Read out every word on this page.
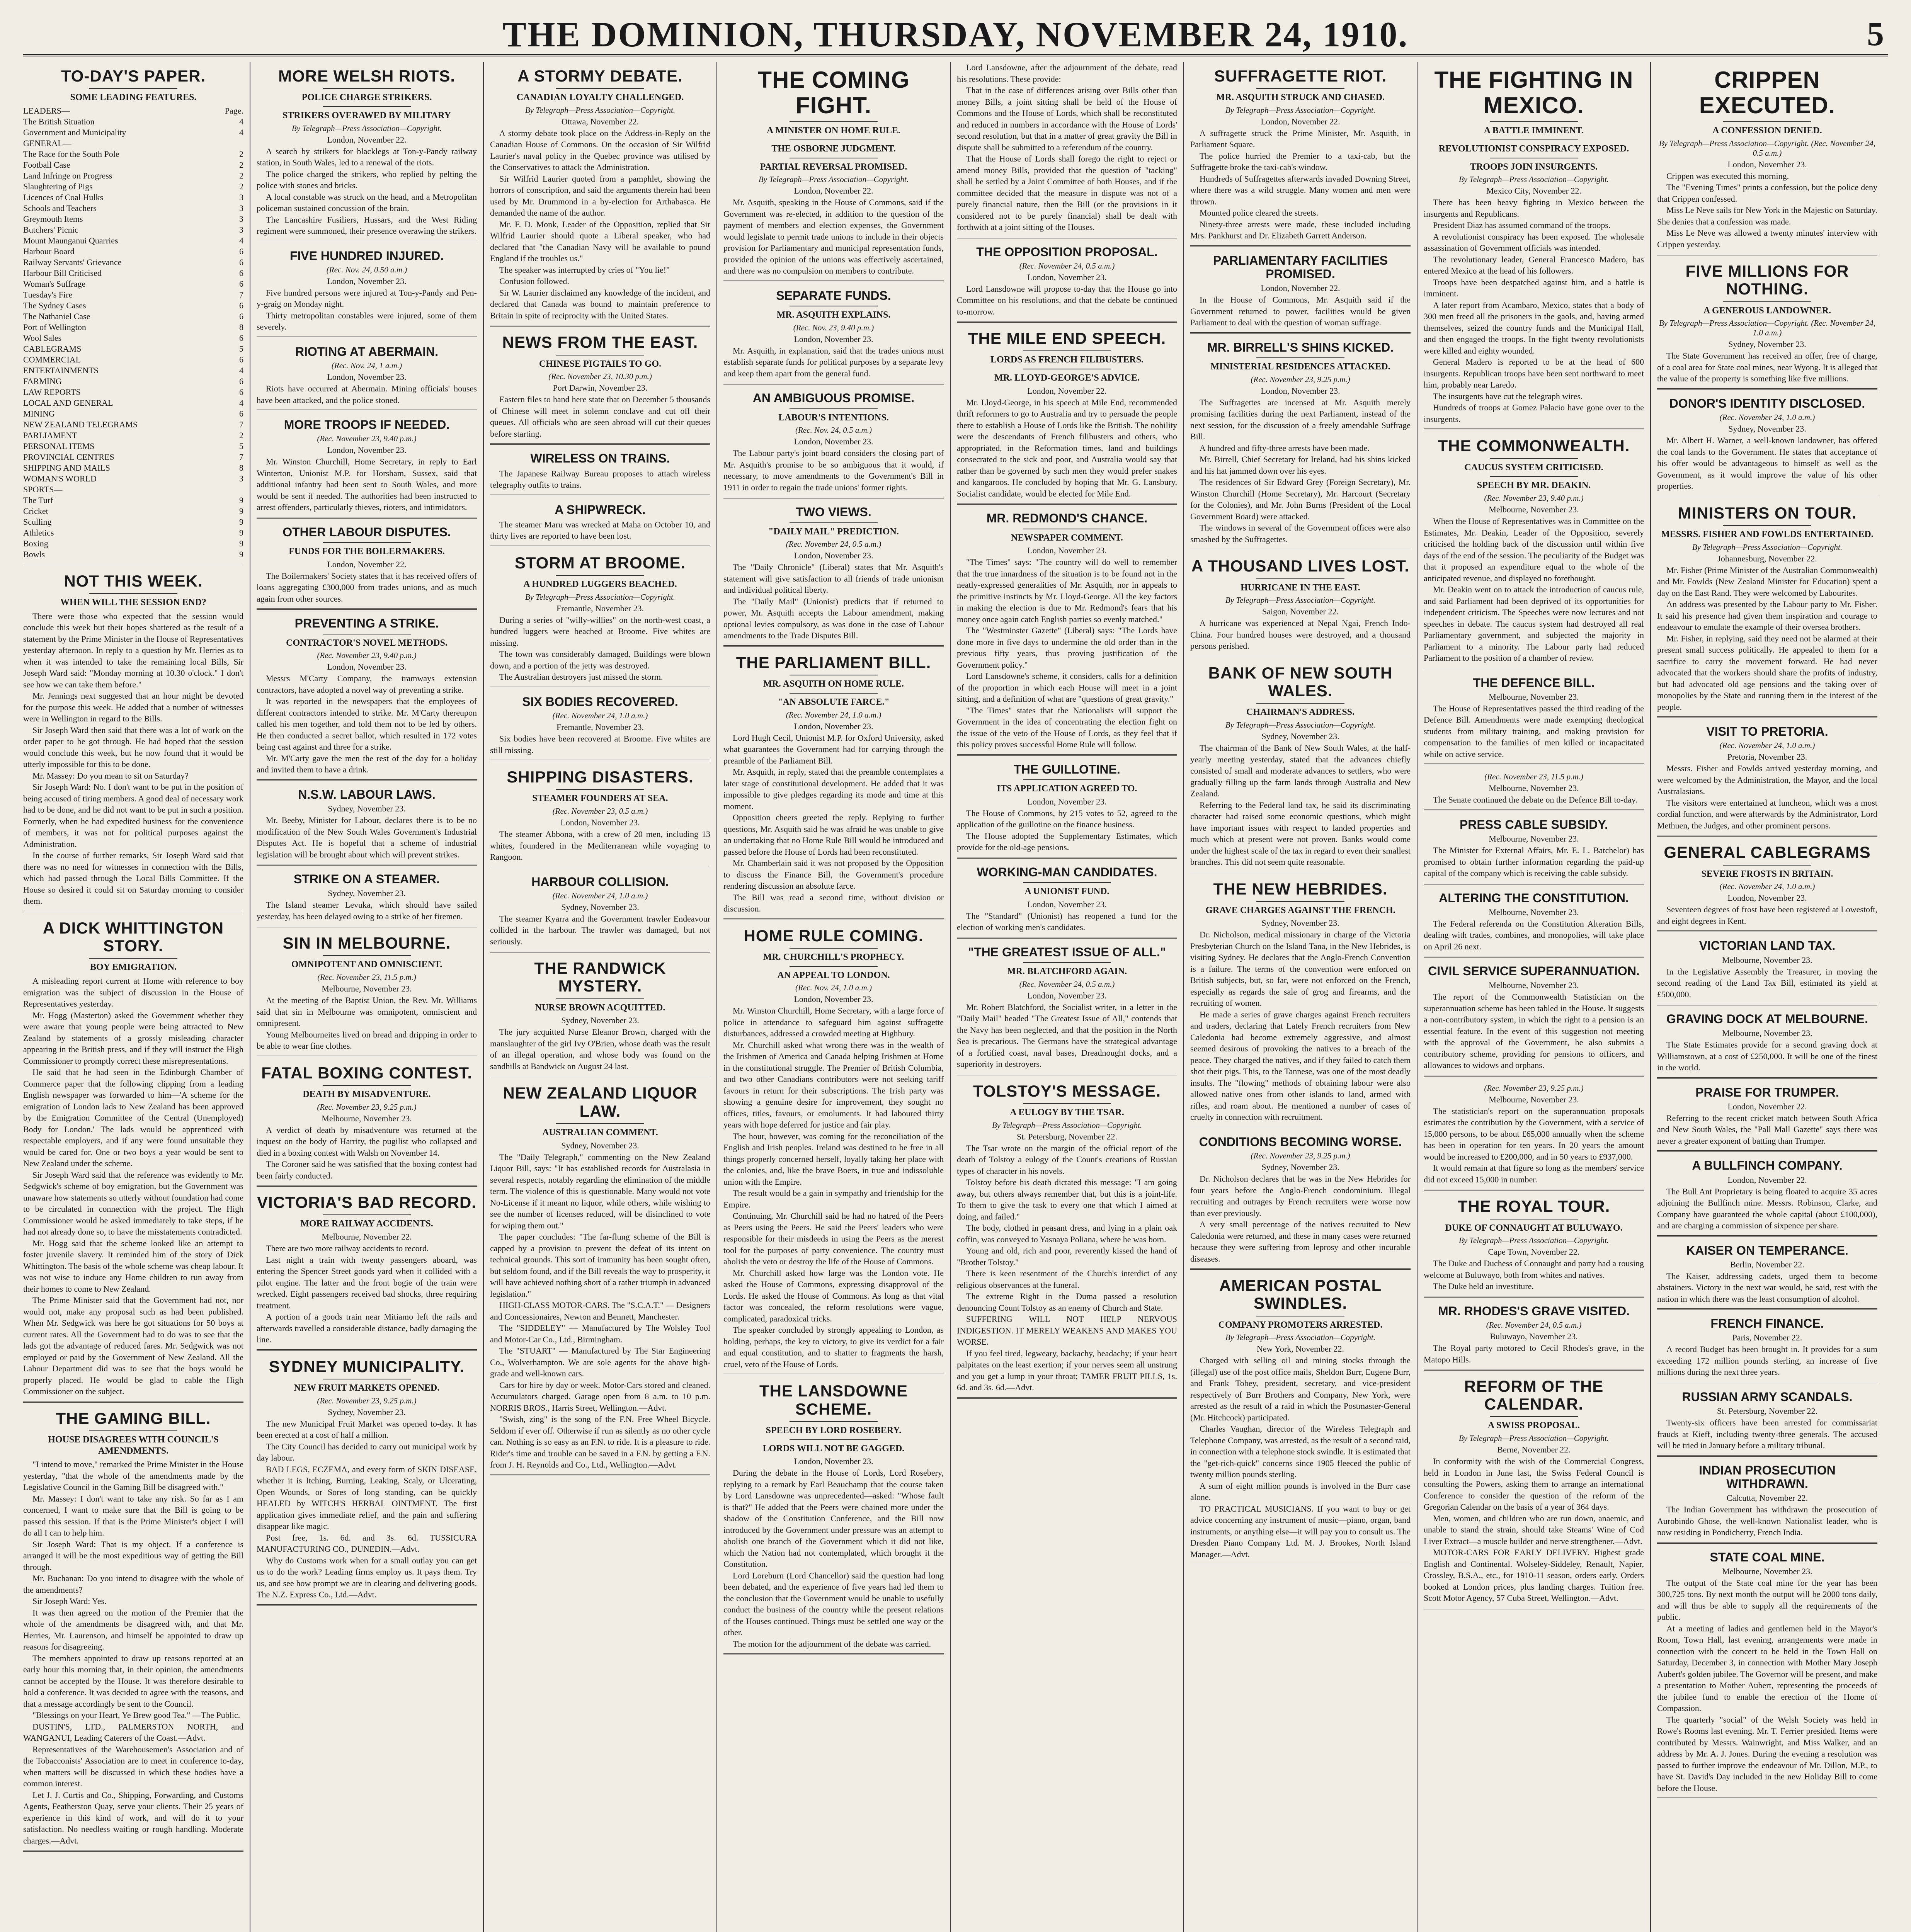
THE DOMINION, THURSDAY, NOVEMBER 24, 1910.	5
TO-DAY'S PAPER.
SOME LEADING FEATURES.
LEADERS—	Page.
The British Situation	4
Government and Municipality	4
GENERAL—
The Race for the South Pole	2
Football Case	2
Land Infringe on Progress	2
Slaughtering of Pigs	2
Licences of Coal Hulks	3
Schools and Teachers	3
Greymouth Items	3
Butchers' Picnic	3
Mount Maunganui Quarries	4
Harbour Board	6
Railway Servants' Grievance	6
Harbour Bill Criticised	6
Woman's Suffrage	6
Tuesday's Fire	7
The Sydney Cases	6
The Nathaniel Case	6
Port of Wellington	8
Wool Sales	6
CABLEGRAMS	5
COMMERCIAL	6
ENTERTAINMENTS	4
FARMING	6
LAW REPORTS	6
LOCAL AND GENERAL	4
MINING	6
NEW ZEALAND TELEGRAMS	7
PARLIAMENT	2
PERSONAL ITEMS	5
PROVINCIAL CENTRES	7
SHIPPING AND MAILS	8
WOMAN'S WORLD	3
SPORTS—
The Turf	9
Cricket	9
Sculling	9
Athletics	9
Boxing	9
Bowls	9
NOT THIS WEEK.
WHEN WILL THE SESSION END?

There were those who expected that the session would conclude this week but their hopes shattered as the result of a statement by the Prime Minister in the House of Representatives yesterday afternoon. In reply to a question by Mr. Herries as to when it was intended to take the remaining local Bills, Sir Joseph Ward said: "Monday morning at 10.30 o'clock." I don't see how we can take them before."

Mr. Jennings next suggested that an hour might be devoted for the purpose this week. He added that a number of witnesses were in Wellington in regard to the Bills.

Sir Joseph Ward then said that there was a lot of work on the order paper to be got through. He had hoped that the session would conclude this week, but he now found that it would be utterly impossible for this to be done.

Mr. Massey: Do you mean to sit on Saturday?

Sir Joseph Ward: No. I don't want to be put in the position of being accused of tiring members. A good deal of necessary work had to be done, and he did not want to be put in such a position. Formerly, when he had expedited business for the convenience of members, it was not for political purposes against the Administration.

In the course of further remarks, Sir Joseph Ward said that there was no need for witnesses in connection with the Bills, which had passed through the Local Bills Committee. If the House so desired it could sit on Saturday morning to consider them.

A DICK WHITTINGTON STORY.
BOY EMIGRATION.

A misleading report current at Home with reference to boy emigration was the subject of discussion in the House of Representatives yesterday.

Mr. Hogg (Masterton) asked the Government whether they were aware that young people were being attracted to New Zealand by statements of a grossly misleading character appearing in the British press, and if they will instruct the High Commissioner to promptly correct these misrepresentations.

He said that he had seen in the Edinburgh Chamber of Commerce paper that the following clipping from a leading English newspaper was forwarded to him—'A scheme for the emigration of London lads to New Zealand has been approved by the Emigration Committee of the Central (Unemployed) Body for London.' The lads would be apprenticed with respectable employers, and if any were found unsuitable they would be cared for. One or two boys a year would be sent to New Zealand under the scheme.

Sir Joseph Ward said that the reference was evidently to Mr. Sedgwick's scheme of boy emigration, but the Government was unaware how statements so utterly without foundation had come to be circulated in connection with the project. The High Commissioner would be asked immediately to take steps, if he had not already done so, to have the misstatements contradicted.

Mr. Hogg said that the scheme looked like an attempt to foster juvenile slavery. It reminded him of the story of Dick Whittington. The basis of the whole scheme was cheap labour. It was not wise to induce any Home children to run away from their homes to come to New Zealand.

The Prime Minister said that the Government had not, nor would not, make any proposal such as had been published. When Mr. Sedgwick was here he got situations for 50 boys at current rates. All the Government had to do was to see that the lads got the advantage of reduced fares. Mr. Sedgwick was not employed or paid by the Government of New Zealand. All the Labour Department did was to see that the boys would be properly placed. He would be glad to cable the High Commissioner on the subject.

THE GAMING BILL.
HOUSE DISAGREES WITH COUNCIL'S AMENDMENTS.

"I intend to move," remarked the Prime Minister in the House yesterday, "that the whole of the amendments made by the Legislative Council in the Gaming Bill be disagreed with."

Mr. Massey: I don't want to take any risk. So far as I am concerned, I want to make sure that the Bill is going to be passed this session. If that is the Prime Minister's object I will do all I can to help him.

Sir Joseph Ward: That is my object. If a conference is arranged it will be the most expeditious way of getting the Bill through.

Mr. Buchanan: Do you intend to disagree with the whole of the amendments?

Sir Joseph Ward: Yes.

It was then agreed on the motion of the Premier that the whole of the amendments be disagreed with, and that Mr. Herries, Mr. Laurenson, and himself be appointed to draw up reasons for disagreeing.

The members appointed to draw up reasons reported at an early hour this morning that, in their opinion, the amendments cannot be accepted by the House. It was therefore desirable to hold a conference. It was decided to agree with the reasons, and that a message accordingly be sent to the Council.

"Blessings on your Heart, Ye Brew good Tea." —The Public.

DUSTIN'S, LTD., PALMERSTON NORTH, and WANGANUI, Leading Caterers of the Coast.—Advt.

Representatives of the Warehousemen's Association and of the Tobacconists' Association are to meet in conference to-day, when matters will be discussed in which these bodies have a common interest.

Let J. J. Curtis and Co., Shipping, Forwarding, and Customs Agents, Featherston Quay, serve your clients. Their 25 years of experience in this kind of work, and will do it to your satisfaction. No needless waiting or rough handling. Moderate charges.—Advt.

MORE WELSH RIOTS.
POLICE CHARGE STRIKERS.
STRIKERS OVERAWED BY MILITARY
By Telegraph—Press Association—Copyright.
London, November 22.

A search by strikers for blacklegs at Ton-y-Pandy railway station, in South Wales, led to a renewal of the riots.

The police charged the strikers, who replied by pelting the police with stones and bricks.

A local constable was struck on the head, and a Metropolitan policeman sustained concussion of the brain.

The Lancashire Fusiliers, Hussars, and the West Riding regiment were summoned, their presence overawing the strikers.

FIVE HUNDRED INJURED.
(Rec. Nov. 24, 0.50 a.m.)
London, November 23.

Five hundred persons were injured at Ton-y-Pandy and Pen-y-graig on Monday night.

Thirty metropolitan constables were injured, some of them severely.

RIOTING AT ABERMAIN.
(Rec. Nov. 24, 1 a.m.)
London, November 23.

Riots have occurred at Abermain. Mining officials' houses have been attacked, and the police stoned.

MORE TROOPS IF NEEDED.
(Rec. November 23, 9.40 p.m.)
London, November 23.

Mr. Winston Churchill, Home Secretary, in reply to Earl Winterton, Unionist M.P. for Horsham, Sussex, said that additional infantry had been sent to South Wales, and more would be sent if needed. The authorities had been instructed to arrest offenders, particularly thieves, rioters, and intimidators.

OTHER LABOUR DISPUTES.
FUNDS FOR THE BOILERMAKERS.
London, November 22.

The Boilermakers' Society states that it has received offers of loans aggregating £300,000 from trades unions, and as much again from other sources.

PREVENTING A STRIKE.
CONTRACTOR'S NOVEL METHODS.
(Rec. November 23, 9.40 p.m.)
London, November 23.

Messrs M'Carty Company, the tramways extension contractors, have adopted a novel way of preventing a strike.

It was reported in the newspapers that the employees of different contractors intended to strike. Mr. M'Carty thereupon called his men together, and told them not to be led by others. He then conducted a secret ballot, which resulted in 172 votes being cast against and three for a strike.

Mr. M'Carty gave the men the rest of the day for a holiday and invited them to have a drink.

N.S.W. LABOUR LAWS.
Sydney, November 23.

Mr. Beeby, Minister for Labour, declares there is to be no modification of the New South Wales Government's Industrial Disputes Act. He is hopeful that a scheme of industrial legislation will be brought about which will prevent strikes.

STRIKE ON A STEAMER.
Sydney, November 23.

The Island steamer Levuka, which should have sailed yesterday, has been delayed owing to a strike of her firemen.

SIN IN MELBOURNE.
OMNIPOTENT AND OMNISCIENT.
(Rec. November 23, 11.5 p.m.)
Melbourne, November 23.

At the meeting of the Baptist Union, the Rev. Mr. Williams said that sin in Melbourne was omnipotent, omniscient and omnipresent.

Young Melbourneites lived on bread and dripping in order to be able to wear fine clothes.

FATAL BOXING CONTEST.
DEATH BY MISADVENTURE.
(Rec. November 23, 9.25 p.m.)
Melbourne, November 23.

A verdict of death by misadventure was returned at the inquest on the body of Harrity, the pugilist who collapsed and died in a boxing contest with Walsh on November 14.

The Coroner said he was satisfied that the boxing contest had been fairly conducted.

VICTORIA'S BAD RECORD.
MORE RAILWAY ACCIDENTS.
Melbourne, November 22.

There are two more railway accidents to record.

Last night a train with twenty passengers aboard, was entering the Spencer Street goods yard when it collided with a pilot engine. The latter and the front bogie of the train were wrecked. Eight passengers received bad shocks, three requiring treatment.

A portion of a goods train near Mitiamo left the rails and afterwards travelled a considerable distance, badly damaging the line.

SYDNEY MUNICIPALITY.
NEW FRUIT MARKETS OPENED.
(Rec. November 23, 9.25 p.m.)
Sydney, November 23.

The new Municipal Fruit Market was opened to-day. It has been erected at a cost of half a million.

The City Council has decided to carry out municipal work by day labour.

BAD LEGS, ECZEMA, and every form of SKIN DISEASE, whether it is Itching, Burning, Leaking, Scaly, or Ulcerating, Open Wounds, or Sores of long standing, can be quickly HEALED by WITCH'S HERBAL OINTMENT. The first application gives immediate relief, and the pain and suffering disappear like magic.

Post free, 1s. 6d. and 3s. 6d. TUSSICURA MANUFACTURING CO., DUNEDIN.—Advt.

Why do Customs work when for a small outlay you can get us to do the work? Leading firms employ us. It pays them. Try us, and see how prompt we are in clearing and delivering goods. The N.Z. Express Co., Ltd.—Advt.

A STORMY DEBATE.
CANADIAN LOYALTY CHALLENGED.
By Telegraph—Press Association—Copyright.
Ottawa, November 22.

A stormy debate took place on the Address-in-Reply on the Canadian House of Commons. On the occasion of Sir Wilfrid Laurier's naval policy in the Quebec province was utilised by the Conservatives to attack the Administration.

Sir Wilfrid Laurier quoted from a pamphlet, showing the horrors of conscription, and said the arguments therein had been used by Mr. Drummond in a by-election for Arthabasca. He demanded the name of the author.

Mr. F. D. Monk, Leader of the Opposition, replied that Sir Wilfrid Laurier should quote a Liberal speaker, who had declared that "the Canadian Navy will be available to pound England if the troubles us."

The speaker was interrupted by cries of "You lie!"

Confusion followed.

Sir W. Laurier disclaimed any knowledge of the incident, and declared that Canada was bound to maintain preference to Britain in spite of reciprocity with the United States.

NEWS FROM THE EAST.
CHINESE PIGTAILS TO GO.
(Rec. November 23, 10.30 p.m.)
Port Darwin, November 23.

Eastern files to hand here state that on December 5 thousands of Chinese will meet in solemn conclave and cut off their queues. All officials who are seen abroad will cut their queues before starting.

WIRELESS ON TRAINS.

The Japanese Railway Bureau proposes to attach wireless telegraphy outfits to trains.

A SHIPWRECK.

The steamer Maru was wrecked at Maha on October 10, and thirty lives are reported to have been lost.

STORM AT BROOME.
A HUNDRED LUGGERS BEACHED.
By Telegraph—Press Association—Copyright.
Fremantle, November 23.

During a series of "willy-willies" on the north-west coast, a hundred luggers were beached at Broome. Five whites are missing.

The town was considerably damaged. Buildings were blown down, and a portion of the jetty was destroyed.

The Australian destroyers just missed the storm.

SIX BODIES RECOVERED.
(Rec. November 24, 1.0 a.m.)
Fremantle, November 23.

Six bodies have been recovered at Broome. Five whites are still missing.

SHIPPING DISASTERS.
STEAMER FOUNDERS AT SEA.
(Rec. November 23, 0.5 a.m.)
London, November 23.

The steamer Abbona, with a crew of 20 men, including 13 whites, foundered in the Mediterranean while voyaging to Rangoon.

HARBOUR COLLISION.
(Rec. November 24, 1.0 a.m.)
Sydney, November 23.

The steamer Kyarra and the Government trawler Endeavour collided in the harbour. The trawler was damaged, but not seriously.

THE RANDWICK MYSTERY.
NURSE BROWN ACQUITTED.
Sydney, November 23.

The jury acquitted Nurse Eleanor Brown, charged with the manslaughter of the girl Ivy O'Brien, whose death was the result of an illegal operation, and whose body was found on the sandhills at Bandwick on August 24 last.

NEW ZEALAND LIQUOR LAW.
AUSTRALIAN COMMENT.
Sydney, November 23.

The "Daily Telegraph," commenting on the New Zealand Liquor Bill, says: "It has established records for Australasia in several respects, notably regarding the elimination of the middle term. The violence of this is questionable. Many would not vote No-License if it meant no liquor, while others, while wishing to see the number of licenses reduced, will be disinclined to vote for wiping them out."

The paper concludes: "The far-flung scheme of the Bill is capped by a provision to prevent the defeat of its intent on technical grounds. This sort of immunity has been sought often, but seldom found, and if the Bill reveals the way to prosperity, it will have achieved nothing short of a rather triumph in advanced legislation."

HIGH-CLASS MOTOR-CARS. The "S.C.A.T." — Designers and Concessionaires, Newton and Bennett, Manchester.

The "SIDDELEY" — Manufactured by The Wolsley Tool and Motor-Car Co., Ltd., Birmingham.

The "STUART" — Manufactured by The Star Engineering Co., Wolverhampton. We are sole agents for the above high-grade and well-known cars.

Cars for hire by day or week. Motor-Cars stored and cleaned. Accumulators charged. Garage open from 8 a.m. to 10 p.m. NORRIS BROS., Harris Street, Wellington.—Advt.

"Swish, zing" is the song of the F.N. Free Wheel Bicycle. Seldom if ever off. Otherwise if run as silently as no other cycle can. Nothing is so easy as an F.N. to ride. It is a pleasure to ride. Rider's time and trouble can be saved in a F.N. by getting a F.N. from J. H. Reynolds and Co., Ltd., Wellington.—Advt.

THE COMING FIGHT.
A MINISTER ON HOME RULE.
THE OSBORNE JUDGMENT.
PARTIAL REVERSAL PROMISED.
By Telegraph—Press Association—Copyright.
London, November 22.

Mr. Asquith, speaking in the House of Commons, said if the Government was re-elected, in addition to the question of the payment of members and election expenses, the Government would legislate to permit trade unions to include in their objects provision for Parliamentary and municipal representation funds, provided the opinion of the unions was effectively ascertained, and there was no compulsion on members to contribute.

SEPARATE FUNDS.
MR. ASQUITH EXPLAINS.
(Rec. Nov. 23, 9.40 p.m.)
London, November 23.

Mr. Asquith, in explanation, said that the trades unions must establish separate funds for political purposes by a separate levy and keep them apart from the general fund.

AN AMBIGUOUS PROMISE.
LABOUR'S INTENTIONS.
(Rec. Nov. 24, 0.5 a.m.)
London, November 23.

The Labour party's joint board considers the closing part of Mr. Asquith's promise to be so ambiguous that it would, if necessary, to move amendments to the Government's Bill in 1911 in order to regain the trade unions' former rights.

TWO VIEWS.
"DAILY MAIL" PREDICTION.
(Rec. November 24, 0.5 a.m.)
London, November 23.

The "Daily Chronicle" (Liberal) states that Mr. Asquith's statement will give satisfaction to all friends of trade unionism and individual political liberty.

The "Daily Mail" (Unionist) predicts that if returned to power, Mr. Asquith accepts the Labour amendment, making optional levies compulsory, as was done in the case of Labour amendments to the Trade Disputes Bill.

THE PARLIAMENT BILL.
MR. ASQUITH ON HOME RULE.
"AN ABSOLUTE FARCE."
(Rec. November 24, 1.0 a.m.)
London, November 23.

Lord Hugh Cecil, Unionist M.P. for Oxford University, asked what guarantees the Government had for carrying through the preamble of the Parliament Bill.

Mr. Asquith, in reply, stated that the preamble contemplates a later stage of constitutional development. He added that it was impossible to give pledges regarding its mode and time at this moment.

Opposition cheers greeted the reply. Replying to further questions, Mr. Asquith said he was afraid he was unable to give an undertaking that no Home Rule Bill would be introduced and passed before the House of Lords had been reconstituted.

Mr. Chamberlain said it was not proposed by the Opposition to discuss the Finance Bill, the Government's procedure rendering discussion an absolute farce.

The Bill was read a second time, without division or discussion.

HOME RULE COMING.
MR. CHURCHILL'S PROPHECY.
AN APPEAL TO LONDON.
(Rec. Nov. 24, 1.0 a.m.)
London, November 23.

Mr. Winston Churchill, Home Secretary, with a large force of police in attendance to safeguard him against suffragette disturbances, addressed a crowded meeting at Highbury.

Mr. Churchill asked what wrong there was in the wealth of the Irishmen of America and Canada helping Irishmen at Home in the constitutional struggle. The Premier of British Columbia, and two other Canadians contributors were not seeking tariff favours in return for their subscriptions. The Irish party was showing a genuine desire for improvement, they sought no offices, titles, favours, or emoluments. It had laboured thirty years with hope deferred for justice and fair play.

The hour, however, was coming for the reconciliation of the English and Irish peoples. Ireland was destined to be free in all things properly concerned herself, loyally taking her place with the colonies, and, like the brave Boers, in true and indissoluble union with the Empire.

The result would be a gain in sympathy and friendship for the Empire.

Continuing, Mr. Churchill said he had no hatred of the Peers as Peers using the Peers. He said the Peers' leaders who were responsible for their misdeeds in using the Peers as the merest tool for the purposes of party convenience. The country must abolish the veto or destroy the life of the House of Commons.

Mr. Churchill asked how large was the London vote. He asked the House of Commons, expressing disapproval of the Lords. He asked the House of Commons. As long as that vital factor was concealed, the reform resolutions were vague, complicated, paradoxical tricks.

The speaker concluded by strongly appealing to London, as holding, perhaps, the key to victory, to give its verdict for a fair and equal constitution, and to shatter to fragments the harsh, cruel, veto of the House of Lords.

THE LANSDOWNE SCHEME.
SPEECH BY LORD ROSEBERY.
LORDS WILL NOT BE GAGGED.
London, November 23.

During the debate in the House of Lords, Lord Rosebery, replying to a remark by Earl Beauchamp that the course taken by Lord Lansdowne was unprecedented—asked: "Whose fault is that?" He added that the Peers were chained more under the shadow of the Constitution Conference, and the Bill now introduced by the Government under pressure was an attempt to abolish one branch of the Government which it did not like, which the Nation had not contemplated, which brought it the Constitution.

Lord Loreburn (Lord Chancellor) said the question had long been debated, and the experience of five years had led them to the conclusion that the Government would be unable to usefully conduct the business of the country while the present relations of the Houses continued. Things must be settled one way or the other.

The motion for the adjournment of the debate was carried.

Lord Lansdowne, after the adjournment of the debate, read his resolutions. These provide:

That in the case of differences arising over Bills other than money Bills, a joint sitting shall be held of the House of Commons and the House of Lords, which shall be reconstituted and reduced in numbers in accordance with the House of Lords' second resolution, but that in a matter of great gravity the Bill in dispute shall be submitted to a referendum of the country.

That the House of Lords shall forego the right to reject or amend money Bills, provided that the question of "tacking" shall be settled by a Joint Committee of both Houses, and if the committee decided that the measure in dispute was not of a purely financial nature, then the Bill (or the provisions in it considered not to be purely financial) shall be dealt with forthwith at a joint sitting of the Houses.

THE OPPOSITION PROPOSAL.
(Rec. November 24, 0.5 a.m.)
London, November 23.

Lord Lansdowne will propose to-day that the House go into Committee on his resolutions, and that the debate be continued to-morrow.

THE MILE END SPEECH.
LORDS AS FRENCH FILIBUSTERS.
MR. LLOYD-GEORGE'S ADVICE.
London, November 22.

Mr. Lloyd-George, in his speech at Mile End, recommended thrift reformers to go to Australia and try to persuade the people there to establish a House of Lords like the British. The nobility were the descendants of French filibusters and others, who appropriated, in the Reformation times, land and buildings consecrated to the sick and poor, and Australia would say that rather than be governed by such men they would prefer snakes and kangaroos. He concluded by hoping that Mr. G. Lansbury, Socialist candidate, would be elected for Mile End.

MR. REDMOND'S CHANCE.
NEWSPAPER COMMENT.
London, November 23.

"The Times" says: "The country will do well to remember that the true innardness of the situation is to be found not in the neatly-expressed generalities of Mr. Asquith, nor in appeals to the primitive instincts by Mr. Lloyd-George. All the key factors in making the election is due to Mr. Redmond's fears that his money once again catch English parties so evenly matched."

The "Westminster Gazette" (Liberal) says: "The Lords have done more in five days to undermine the old order than in the previous fifty years, thus proving justification of the Government policy."

Lord Lansdowne's scheme, it considers, calls for a definition of the proportion in which each House will meet in a joint sitting, and a definition of what are "questions of great gravity."

"The Times" states that the Nationalists will support the Government in the idea of concentrating the election fight on the issue of the veto of the House of Lords, as they feel that if this policy proves successful Home Rule will follow.

THE GUILLOTINE.
ITS APPLICATION AGREED TO.
London, November 23.

The House of Commons, by 215 votes to 52, agreed to the application of the guillotine on the finance business.

The House adopted the Supplementary Estimates, which provide for the old-age pensions.

WORKING-MAN CANDIDATES.
A UNIONIST FUND.
London, November 23.

The "Standard" (Unionist) has reopened a fund for the election of working men's candidates.

"THE GREATEST ISSUE OF ALL."
MR. BLATCHFORD AGAIN.
(Rec. November 24, 0.5 a.m.)
London, November 23.

Mr. Robert Blatchford, the Socialist writer, in a letter in the "Daily Mail" headed "The Greatest Issue of All," contends that the Navy has been neglected, and that the position in the North Sea is precarious. The Germans have the strategical advantage of a fortified coast, naval bases, Dreadnought docks, and a superiority in destroyers.

TOLSTOY'S MESSAGE.
A EULOGY BY THE TSAR.
By Telegraph—Press Association—Copyright.
St. Petersburg, November 22.

The Tsar wrote on the margin of the official report of the death of Tolstoy a eulogy of the Count's creations of Russian types of character in his novels.

Tolstoy before his death dictated this message: "I am going away, but others always remember that, but this is a joint-life. To them to give the task to every one that which I aimed at doing, and failed."

The body, clothed in peasant dress, and lying in a plain oak coffin, was conveyed to Yasnaya Poliana, where he was born.

Young and old, rich and poor, reverently kissed the hand of "Brother Tolstoy."

There is keen resentment of the Church's interdict of any religious observances at the funeral.

The extreme Right in the Duma passed a resolution denouncing Count Tolstoy as an enemy of Church and State.

SUFFERING WILL NOT HELP NERVOUS INDIGESTION. IT MERELY WEAKENS AND MAKES YOU WORSE.

If you feel tired, legweary, backachy, headachy; if your heart palpitates on the least exertion; if your nerves seem all unstrung and you get a lump in your throat; TAMER FRUIT PILLS, 1s. 6d. and 3s. 6d.—Advt.

SUFFRAGETTE RIOT.
MR. ASQUITH STRUCK AND CHASED.
By Telegraph—Press Association—Copyright.
London, November 22.

A suffragette struck the Prime Minister, Mr. Asquith, in Parliament Square.

The police hurried the Premier to a taxi-cab, but the Suffragette broke the taxi-cab's window.

Hundreds of Suffragettes afterwards invaded Downing Street, where there was a wild struggle. Many women and men were thrown.

Mounted police cleared the streets.

Ninety-three arrests were made, these included including Mrs. Pankhurst and Dr. Elizabeth Garrett Anderson.

PARLIAMENTARY FACILITIES PROMISED.
London, November 22.

In the House of Commons, Mr. Asquith said if the Government returned to power, facilities would be given Parliament to deal with the question of woman suffrage.

MR. BIRRELL'S SHINS KICKED.
MINISTERIAL RESIDENCES ATTACKED.
(Rec. November 23, 9.25 p.m.)
London, November 23.

The Suffragettes are incensed at Mr. Asquith merely promising facilities during the next Parliament, instead of the next session, for the discussion of a freely amendable Suffrage Bill.

A hundred and fifty-three arrests have been made.

Mr. Birrell, Chief Secretary for Ireland, had his shins kicked and his hat jammed down over his eyes.

The residences of Sir Edward Grey (Foreign Secretary), Mr. Winston Churchill (Home Secretary), Mr. Harcourt (Secretary for the Colonies), and Mr. John Burns (President of the Local Government Board) were attacked.

The windows in several of the Government offices were also smashed by the Suffragettes.

A THOUSAND LIVES LOST.
HURRICANE IN THE EAST.
By Telegraph—Press Association—Copyright.
Saigon, November 22.

A hurricane was experienced at Nepal Ngai, French Indo-China. Four hundred houses were destroyed, and a thousand persons perished.

BANK OF NEW SOUTH WALES.
CHAIRMAN'S ADDRESS.
By Telegraph—Press Association—Copyright.
Sydney, November 23.

The chairman of the Bank of New South Wales, at the half-yearly meeting yesterday, stated that the advances chiefly consisted of small and moderate advances to settlers, who were gradually filling up the farm lands through Australia and New Zealand.

Referring to the Federal land tax, he said its discriminating character had raised some economic questions, which might have important issues with respect to landed properties and much which at present were not proven. Banks would come under the highest scale of the tax in regard to even their smallest branches. This did not seem quite reasonable.

THE NEW HEBRIDES.
GRAVE CHARGES AGAINST THE FRENCH.
Sydney, November 23.

Dr. Nicholson, medical missionary in charge of the Victoria Presbyterian Church on the Island Tana, in the New Hebrides, is visiting Sydney. He declares that the Anglo-French Convention is a failure. The terms of the convention were enforced on British subjects, but, so far, were not enforced on the French, especially as regards the sale of grog and firearms, and the recruiting of women.

He made a series of grave charges against French recruiters and traders, declaring that Lately French recruiters from New Caledonia had become extremely aggressive, and almost seemed desirous of provoking the natives to a breach of the peace. They charged the natives, and if they failed to catch them shot their pigs. This, to the Tannese, was one of the most deadly insults. The "flowing" methods of obtaining labour were also allowed native ones from other islands to land, armed with rifles, and roam about. He mentioned a number of cases of cruelty in connection with recruitment.

CONDITIONS BECOMING WORSE.
(Rec. November 23, 9.25 p.m.)
Sydney, November 23.

Dr. Nicholson declares that he was in the New Hebrides for four years before the Anglo-French condominium. Illegal recruiting and outrages by French recruiters were worse now than ever previously.

A very small percentage of the natives recruited to New Caledonia were returned, and these in many cases were returned because they were suffering from leprosy and other incurable diseases.

AMERICAN POSTAL SWINDLES.
COMPANY PROMOTERS ARRESTED.
By Telegraph—Press Association—Copyright.
New York, November 22.

Charged with selling oil and mining stocks through the (illegal) use of the post office mails, Sheldon Burr, Eugene Burr, and Frank Tobey, president, secretary, and vice-president respectively of Burr Brothers and Company, New York, were arrested as the result of a raid in which the Postmaster-General (Mr. Hitchcock) participated.

Charles Vaughan, director of the Wireless Telegraph and Telephone Company, was arrested, as the result of a second raid, in connection with a telephone stock swindle. It is estimated that the "get-rich-quick" concerns since 1905 fleeced the public of twenty million pounds sterling.

A sum of eight million pounds is involved in the Burr case alone.

TO PRACTICAL MUSICIANS. If you want to buy or get advice concerning any instrument of music—piano, organ, band instruments, or anything else—it will pay you to consult us. The Dresden Piano Company Ltd. M. J. Brookes, North Island Manager.—Advt.

THE FIGHTING IN MEXICO.
A BATTLE IMMINENT.
REVOLUTIONIST CONSPIRACY EXPOSED.
TROOPS JOIN INSURGENTS.
By Telegraph—Press Association—Copyright.
Mexico City, November 22.

There has been heavy fighting in Mexico between the insurgents and Republicans.

President Diaz has assumed command of the troops.

A revolutionist conspiracy has been exposed. The wholesale assassination of Government officials was intended.

The revolutionary leader, General Francesco Madero, has entered Mexico at the head of his followers.

Troops have been despatched against him, and a battle is imminent.

A later report from Acambaro, Mexico, states that a body of 300 men freed all the prisoners in the gaols, and, having armed themselves, seized the country funds and the Municipal Hall, and then engaged the troops. In the fight twenty revolutionists were killed and eighty wounded.

General Madero is reported to be at the head of 600 insurgents. Republican troops have been sent northward to meet him, probably near Laredo.

The insurgents have cut the telegraph wires.

Hundreds of troops at Gomez Palacio have gone over to the insurgents.

THE COMMONWEALTH.
CAUCUS SYSTEM CRITICISED.
SPEECH BY MR. DEAKIN.
(Rec. November 23, 9.40 p.m.)
Melbourne, November 23.

When the House of Representatives was in Committee on the Estimates, Mr. Deakin, Leader of the Opposition, severely criticised the holding back of the discussion until within five days of the end of the session. The peculiarity of the Budget was that it proposed an expenditure equal to the whole of the anticipated revenue, and displayed no forethought.

Mr. Deakin went on to attack the introduction of caucus rule, and said Parliament had been deprived of its opportunities for independent criticism. The Speeches were now lectures and not speeches in debate. The caucus system had destroyed all real Parliamentary government, and subjected the majority in Parliament to a minority. The Labour party had reduced Parliament to the position of a chamber of review.

THE DEFENCE BILL.
Melbourne, November 23.

The House of Representatives passed the third reading of the Defence Bill. Amendments were made exempting theological students from military training, and making provision for compensation to the families of men killed or incapacitated while on active service.

(Rec. November 23, 11.5 p.m.)
Melbourne, November 23.

The Senate continued the debate on the Defence Bill to-day.

PRESS CABLE SUBSIDY.
Melbourne, November 23.

The Minister for External Affairs, Mr. E. L. Batchelor) has promised to obtain further information regarding the paid-up capital of the company which is receiving the cable subsidy.

ALTERING THE CONSTITUTION.
Melbourne, November 23.

The Federal referenda on the Constitution Alteration Bills, dealing with trades, combines, and monopolies, will take place on April 26 next.

CIVIL SERVICE SUPERANNUATION.
Melbourne, November 23.

The report of the Commonwealth Statistician on the superannuation scheme has been tabled in the House. It suggests a non-contributory system, in which the right to a pension is an essential feature. In the event of this suggestion not meeting with the approval of the Government, he also submits a contributory scheme, providing for pensions to officers, and allowances to widows and orphans.

(Rec. November 23, 9.25 p.m.)
Melbourne, November 23.

The statistician's report on the superannuation proposals estimates the contribution by the Government, with a service of 15,000 persons, to be about £65,000 annually when the scheme has been in operation for ten years. In 20 years the amount would be increased to £200,000, and in 50 years to £937,000.

It would remain at that figure so long as the members' service did not exceed 15,000 in number.

THE ROYAL TOUR.
DUKE OF CONNAUGHT AT BULUWAYO.
By Telegraph—Press Association—Copyright.
Cape Town, November 22.

The Duke and Duchess of Connaught and party had a rousing welcome at Buluwayo, both from whites and natives.

The Duke held an investiture.

MR. RHODES'S GRAVE VISITED.
(Rec. November 24, 0.5 a.m.)
Buluwayo, November 23.

The Royal party motored to Cecil Rhodes's grave, in the Matopo Hills.

REFORM OF THE CALENDAR.
A SWISS PROPOSAL.
By Telegraph—Press Association—Copyright.
Berne, November 22.

In conformity with the wish of the Commercial Congress, held in London in June last, the Swiss Federal Council is consulting the Powers, asking them to arrange an international Conference to consider the question of the reform of the Gregorian Calendar on the basis of a year of 364 days.

Men, women, and children who are run down, anaemic, and unable to stand the strain, should take Steams' Wine of Cod Liver Extract—a muscle builder and nerve strengthener.—Advt.

MOTOR-CARS FOR EARLY DELIVERY. Highest grade English and Continental. Wolseley-Siddeley, Renault, Napier, Crossley, B.S.A., etc., for 1910-11 season, orders early. Orders booked at London prices, plus landing charges. Tuition free. Scott Motor Agency, 57 Cuba Street, Wellington.—Advt.

CRIPPEN EXECUTED.
A CONFESSION DENIED.
By Telegraph—Press Association—Copyright. (Rec. November 24, 0.5 a.m.)
London, November 23.

Crippen was executed this morning.

The "Evening Times" prints a confession, but the police deny that Crippen confessed.

Miss Le Neve sails for New York in the Majestic on Saturday. She denies that a confession was made.

Miss Le Neve was allowed a twenty minutes' interview with Crippen yesterday.

FIVE MILLIONS FOR NOTHING.
A GENEROUS LANDOWNER.
By Telegraph—Press Association—Copyright. (Rec. November 24, 1.0 a.m.)
Sydney, November 23.

The State Government has received an offer, free of charge, of a coal area for State coal mines, near Wyong. It is alleged that the value of the property is something like five millions.

DONOR'S IDENTITY DISCLOSED.
(Rec. November 24, 1.0 a.m.)
Sydney, November 23.

Mr. Albert H. Warner, a well-known landowner, has offered the coal lands to the Government. He states that acceptance of his offer would be advantageous to himself as well as the Government, as it would improve the value of his other properties.

MINISTERS ON TOUR.
MESSRS. FISHER AND FOWLDS ENTERTAINED.
By Telegraph—Press Association—Copyright.
Johannesburg, November 22.

Mr. Fisher (Prime Minister of the Australian Commonwealth) and Mr. Fowlds (New Zealand Minister for Education) spent a day on the East Rand. They were welcomed by Labourites.

An address was presented by the Labour party to Mr. Fisher. It said his presence had given them inspiration and courage to endeavour to emulate the example of their oversea brothers.

Mr. Fisher, in replying, said they need not be alarmed at their present small success politically. He appealed to them for a sacrifice to carry the movement forward. He had never advocated that the workers should share the profits of industry, but had advocated old age pensions and the taking over of monopolies by the State and running them in the interest of the people.

VISIT TO PRETORIA.
(Rec. November 24, 1.0 a.m.)
Pretoria, November 23.

Messrs. Fisher and Fowlds arrived yesterday morning, and were welcomed by the Administration, the Mayor, and the local Australasians.

The visitors were entertained at luncheon, which was a most cordial function, and were afterwards by the Administrator, Lord Methuen, the Judges, and other prominent persons.

GENERAL CABLEGRAMS
SEVERE FROSTS IN BRITAIN.
(Rec. November 24, 1.0 a.m.)
London, November 23.

Seventeen degrees of frost have been registered at Lowestoft, and eight degrees in Kent.

VICTORIAN LAND TAX.
Melbourne, November 23.

In the Legislative Assembly the Treasurer, in moving the second reading of the Land Tax Bill, estimated its yield at £500,000.

GRAVING DOCK AT MELBOURNE.
Melbourne, November 23.

The State Estimates provide for a second graving dock at Williamstown, at a cost of £250,000. It will be one of the finest in the world.

PRAISE FOR TRUMPER.
London, November 22.

Referring to the recent cricket match between South Africa and New South Wales, the "Pall Mall Gazette" says there was never a greater exponent of batting than Trumper.

A BULLFINCH COMPANY.
London, November 22.

The Bull Ant Proprietary is being floated to acquire 35 acres adjoining the Bullfinch mine. Messrs. Robinson, Clarke, and Company have guaranteed the whole capital (about £100,000), and are charging a commission of sixpence per share.

KAISER ON TEMPERANCE.
Berlin, November 22.

The Kaiser, addressing cadets, urged them to become abstainers. Victory in the next war would, he said, rest with the nation in which there was the least consumption of alcohol.

FRENCH FINANCE.
Paris, November 22.

A record Budget has been brought in. It provides for a sum exceeding 172 million pounds sterling, an increase of five millions during the next three years.

RUSSIAN ARMY SCANDALS.
St. Petersburg, November 22.

Twenty-six officers have been arrested for commissariat frauds at Kieff, including twenty-three generals. The accused will be tried in January before a military tribunal.

INDIAN PROSECUTION WITHDRAWN.
Calcutta, November 22.

The Indian Government has withdrawn the prosecution of Aurobindo Ghose, the well-known Nationalist leader, who is now residing in Pondicherry, French India.

STATE COAL MINE.
Melbourne, November 23.

The output of the State coal mine for the year has been 300,725 tons. By next month the output will be 2000 tons daily, and will thus be able to supply all the requirements of the public.

At a meeting of ladies and gentlemen held in the Mayor's Room, Town Hall, last evening, arrangements were made in connection with the concert to be held in the Town Hall on Saturday, December 3, in connection with Mother Mary Joseph Aubert's golden jubilee. The Governor will be present, and make a presentation to Mother Aubert, representing the proceeds of the jubilee fund to enable the erection of the Home of Compassion.

The quarterly "social" of the Welsh Society was held in Rowe's Rooms last evening. Mr. T. Ferrier presided. Items were contributed by Messrs. Wainwright, and Miss Walker, and an address by Mr. A. J. Jones. During the evening a resolution was passed to further improve the endeavour of Mr. Dillon, M.P., to have St. David's Day included in the new Holiday Bill to come before the House.
